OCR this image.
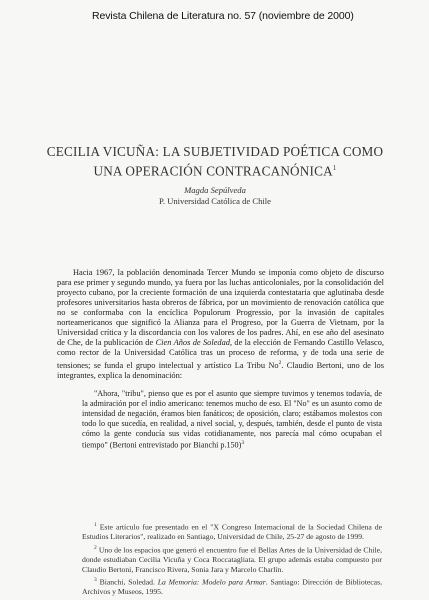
Revista Chilena de Literatura no. 57 (noviembre de 2000)
CECILIA VICUÑA: LA SUBJETIVIDAD POÉTICA COMO
UNA OPERACIÓN CONTRACANÓNICA$^1$
Magda Sepúlveda
P. Universidad Católica de Chile

Hacia 1967, la población denominada Tercer Mundo se imponía como objeto de discurso para ese primer y segundo mundo, ya fuera por las luchas anticoloniales, por la consolidación del proyecto cubano, por la creciente formación de una izquierda contestataria que aglutinaba desde profesores universitarios hasta obreros de fábrica, por un movimiento de renovación católica que no se conformaba con la encíclica Populorum Progressio, por la invasión de capitales norteamericanos que significó la Alianza para el Progreso, por la Guerra de Vietnam, por la Universidad crítica y la discordancia con los valores de los padres. Ahí, en ese año del asesinato de Che, de la publicación de Cien Años de Soledad, de la elección de Fernando Castillo Velasco, como rector de la Universidad Católica tras un proceso de reforma, y de toda una serie de tensiones; se funda el grupo intelectual y artístico La Tribu No$^2$. Claudio Bertoni, uno de los integrantes, explica la denominación:

"Ahora, "tribu", pienso que es por el asunto que siempre tuvimos y tenemos todavía, de la admiración por el indio americano: tenemos mucho de eso. El "No" es un asunto como de intensidad de negación, éramos bien fanáticos; de oposición, claro; estábamos molestos con todo lo que sucedía, en realidad, a nivel social, y, después, también, desde el punto de vista cómo la gente conducía sus vidas cotidianamente, nos parecía mal cómo ocupaban el tiempo" (Bertoni entrevistado por Bianchi p.150)$^3$

$^1$ Este artículo fue presentado en el "X Congreso Internacional de la Sociedad Chilena de Estudios Literarios", realizado en Santiago, Universidad de Chile, 25-27 de agosto de 1999.

$^2$ Uno de los espacios que generó el encuentro fue el Bellas Artes de la Universidad de Chile, donde estudiaban Cecilia Vicuña y Coca Roccatagliata. El grupo además estaba compuesto por Claudio Bertoni, Francisco Rivera, Sonia Jara y Marcelo Charlín.

$^3$ Bianchi, Soledad. La Memoria: Modelo para Armar. Santiago: Dirección de Bibliotecas, Archivos y Museos, 1995.
